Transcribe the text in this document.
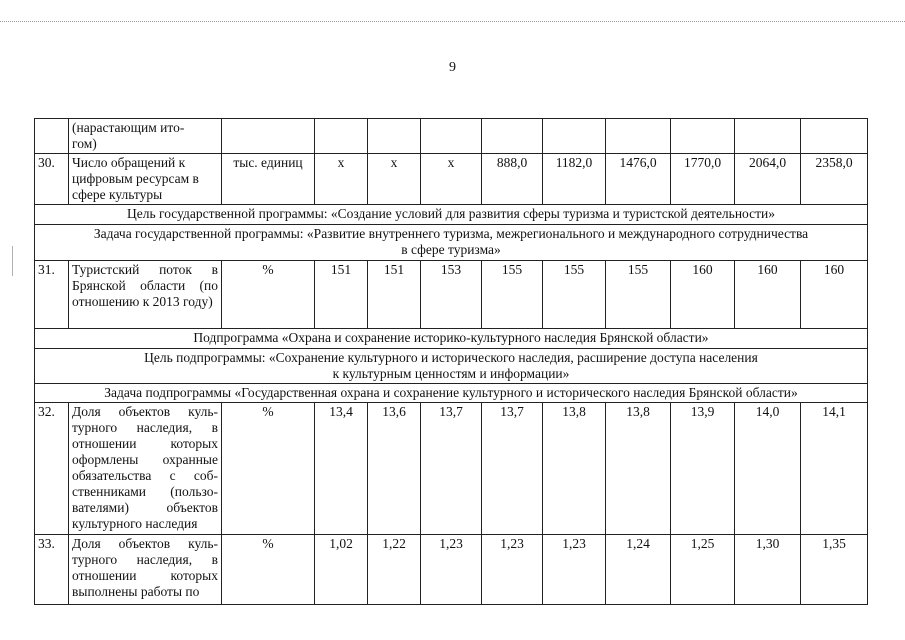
9
	(нарастающим ито-
гом)										
30.	Число обращений к цифровым ресурсам в сфере культуры	тыс. единиц	х	х	х	888,0	1182,0	1476,0	1770,0	2064,0	2358,0
Цель государственной программы: «Создание условий для развития сферы туризма и туристской деятельности»											
Задача государственной программы: «Развитие внутреннего туризма, межрегионального и международного сотрудничества
в сфере туризма»											
31.	Туристский поток в Брянской области (по отношению к 2013 году)	%	151	151	153	155	155	155	160	160	160
Подпрограмма «Охрана и сохранение историко-культурного наследия Брянской области»											
Цель подпрограммы: «Сохранение культурного и исторического наследия, расширение доступа населения
к культурным ценностям и информации»											
Задача подпрограммы «Государственная охрана и сохранение культурного и исторического наследия Брянской области»											
32.	Доля объектов куль-турного наследия, в отношении которых оформлены охранные обязательства с соб-ственниками (пользо-вателями) объектов культурного наследия	%	13,4	13,6	13,7	13,7	13,8	13,8	13,9	14,0	14,1
33.	Доля объектов куль-турного наследия, в отношении которых выполнены работы по	%	1,02	1,22	1,23	1,23	1,23	1,24	1,25	1,30	1,35
